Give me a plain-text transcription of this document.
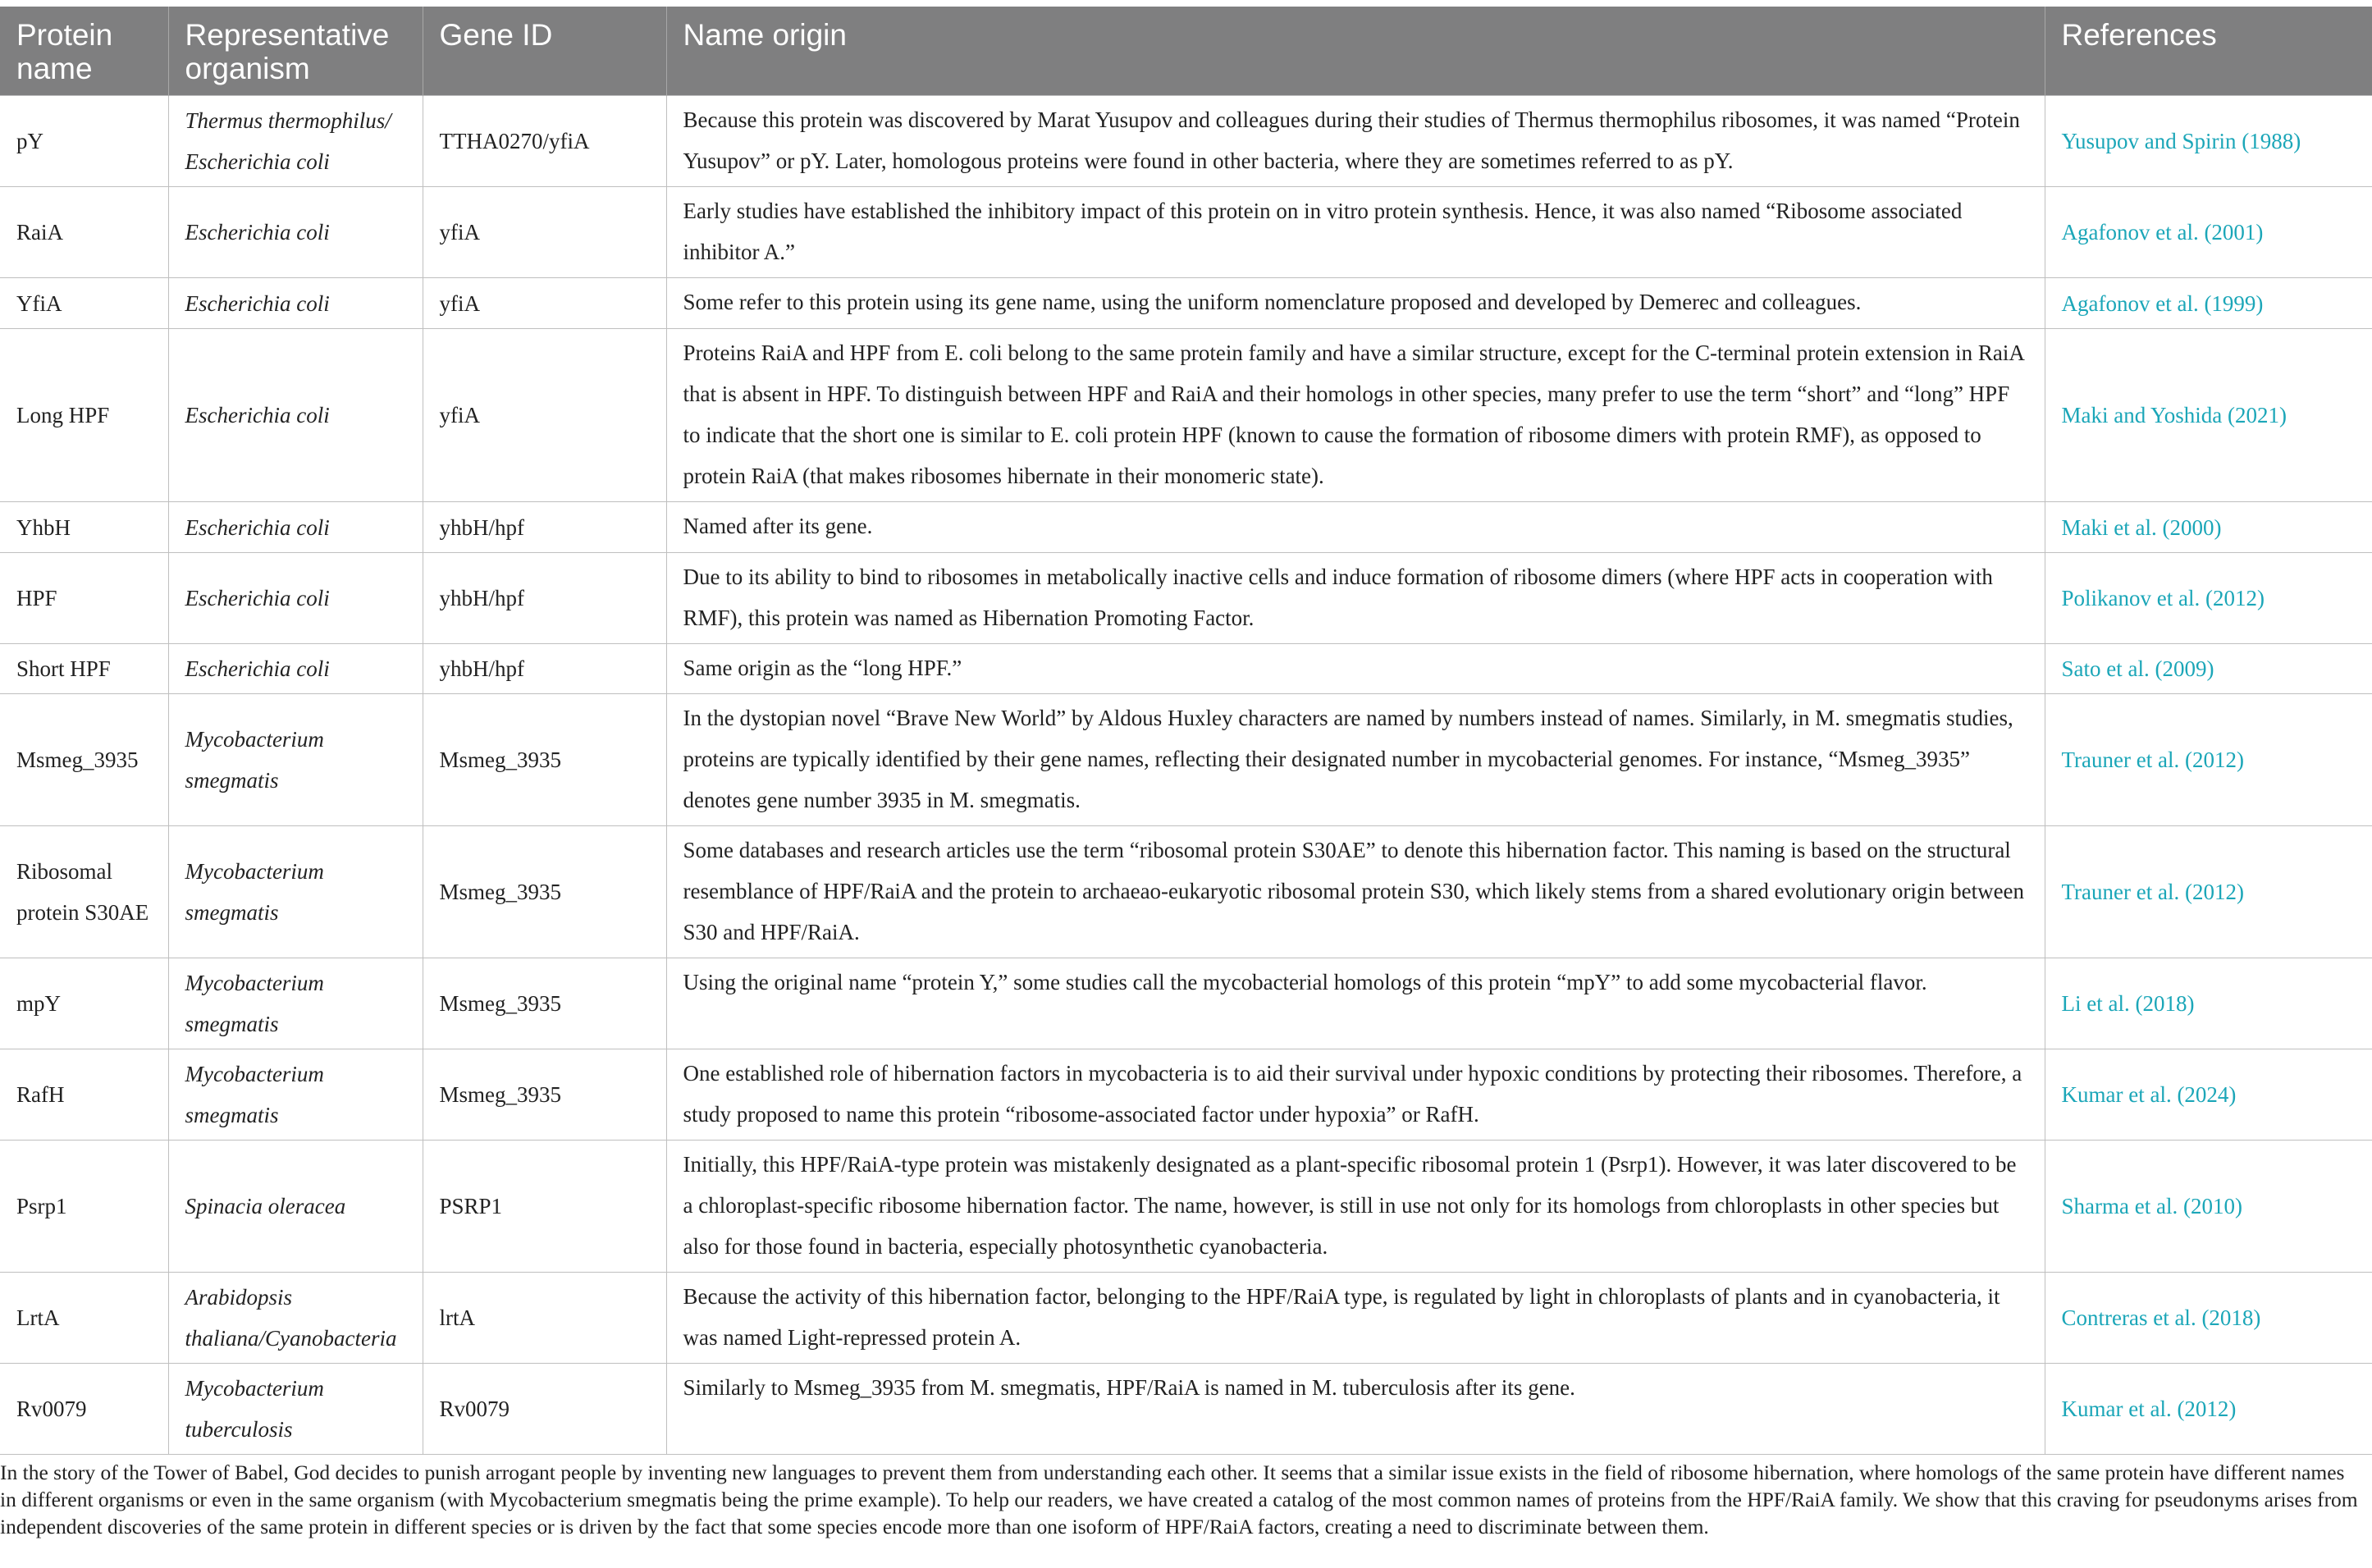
Protein name	Representative organism	Gene ID	Name origin	References
pY	Thermus thermophilus/ Escherichia coli	TTHA0270/yfiA	Because this protein was discovered by Marat Yusupov and colleagues during their studies of Thermus thermophilus ribosomes, it was named “Protein Yusupov” or pY. Later, homologous proteins were found in other bacteria, where they are sometimes referred to as pY.	Yusupov and Spirin (1988)
RaiA	Escherichia coli	yfiA	Early studies have established the inhibitory impact of this protein on in vitro protein synthesis. Hence, it was also named “Ribosome associated inhibitor A.”	Agafonov et al. (2001)
YfiA	Escherichia coli	yfiA	Some refer to this protein using its gene name, using the uniform nomenclature proposed and developed by Demerec and colleagues.	Agafonov et al. (1999)
Long HPF	Escherichia coli	yfiA	Proteins RaiA and HPF from E. coli belong to the same protein family and have a similar structure, except for the C-terminal protein extension in RaiA that is absent in HPF. To distinguish between HPF and RaiA and their homologs in other species, many prefer to use the term “short” and “long” HPF to indicate that the short one is similar to E. coli protein HPF (known to cause the formation of ribosome dimers with protein RMF), as opposed to protein RaiA (that makes ribosomes hibernate in their monomeric state).	Maki and Yoshida (2021)
YhbH	Escherichia coli	yhbH/hpf	Named after its gene.	Maki et al. (2000)
HPF	Escherichia coli	yhbH/hpf	Due to its ability to bind to ribosomes in metabolically inactive cells and induce formation of ribosome dimers (where HPF acts in cooperation with RMF), this protein was named as Hibernation Promoting Factor.	Polikanov et al. (2012)
Short HPF	Escherichia coli	yhbH/hpf	Same origin as the “long HPF.”	Sato et al. (2009)
Msmeg_3935	Mycobacterium smegmatis	Msmeg_3935	In the dystopian novel “Brave New World” by Aldous Huxley characters are named by numbers instead of names. Similarly, in M. smegmatis studies, proteins are typically identified by their gene names, reflecting their designated number in mycobacterial genomes. For instance, “Msmeg_3935” denotes gene number 3935 in M. smegmatis.	Trauner et al. (2012)
Ribosomal protein S30AE	Mycobacterium smegmatis	Msmeg_3935	Some databases and research articles use the term “ribosomal protein S30AE” to denote this hibernation factor. This naming is based on the structural resemblance of HPF/RaiA and the protein to archaeao-eukaryotic ribosomal protein S30, which likely stems from a shared evolutionary origin between S30 and HPF/RaiA.	Trauner et al. (2012)
mpY	Mycobacterium smegmatis	Msmeg_3935	Using the original name “protein Y,” some studies call the mycobacterial homologs of this protein “mpY” to add some mycobacterial flavor.	Li et al. (2018)
RafH	Mycobacterium smegmatis	Msmeg_3935	One established role of hibernation factors in mycobacteria is to aid their survival under hypoxic conditions by protecting their ribosomes. Therefore, a study proposed to name this protein “ribosome-associated factor under hypoxia” or RafH.	Kumar et al. (2024)
Psrp1	Spinacia oleracea	PSRP1	Initially, this HPF/RaiA-type protein was mistakenly designated as a plant-specific ribosomal protein 1 (Psrp1). However, it was later discovered to be a chloroplast-specific ribosome hibernation factor. The name, however, is still in use not only for its homologs from chloroplasts in other species but also for those found in bacteria, especially photosynthetic cyanobacteria.	Sharma et al. (2010)
LrtA	Arabidopsis thaliana/Cyanobacteria	lrtA	Because the activity of this hibernation factor, belonging to the HPF/RaiA type, is regulated by light in chloroplasts of plants and in cyanobacteria, it was named Light-repressed protein A.	Contreras et al. (2018)
Rv0079	Mycobacterium tuberculosis	Rv0079	Similarly to Msmeg_3935 from M. smegmatis, HPF/RaiA is named in M. tuberculosis after its gene.	Kumar et al. (2012)
In the story of the Tower of Babel, God decides to punish arrogant people by inventing new languages to prevent them from understanding each other. It seems that a similar issue exists in the field of ribosome hibernation, where homologs of the same protein have different names in different organisms or even in the same organism (with Mycobacterium smegmatis being the prime example). To help our readers, we have created a catalog of the most common names of proteins from the HPF/RaiA family. We show that this craving for pseudonyms arises from independent discoveries of the same protein in different species or is driven by the fact that some species encode more than one isoform of HPF/RaiA factors, creating a need to discriminate between them.
